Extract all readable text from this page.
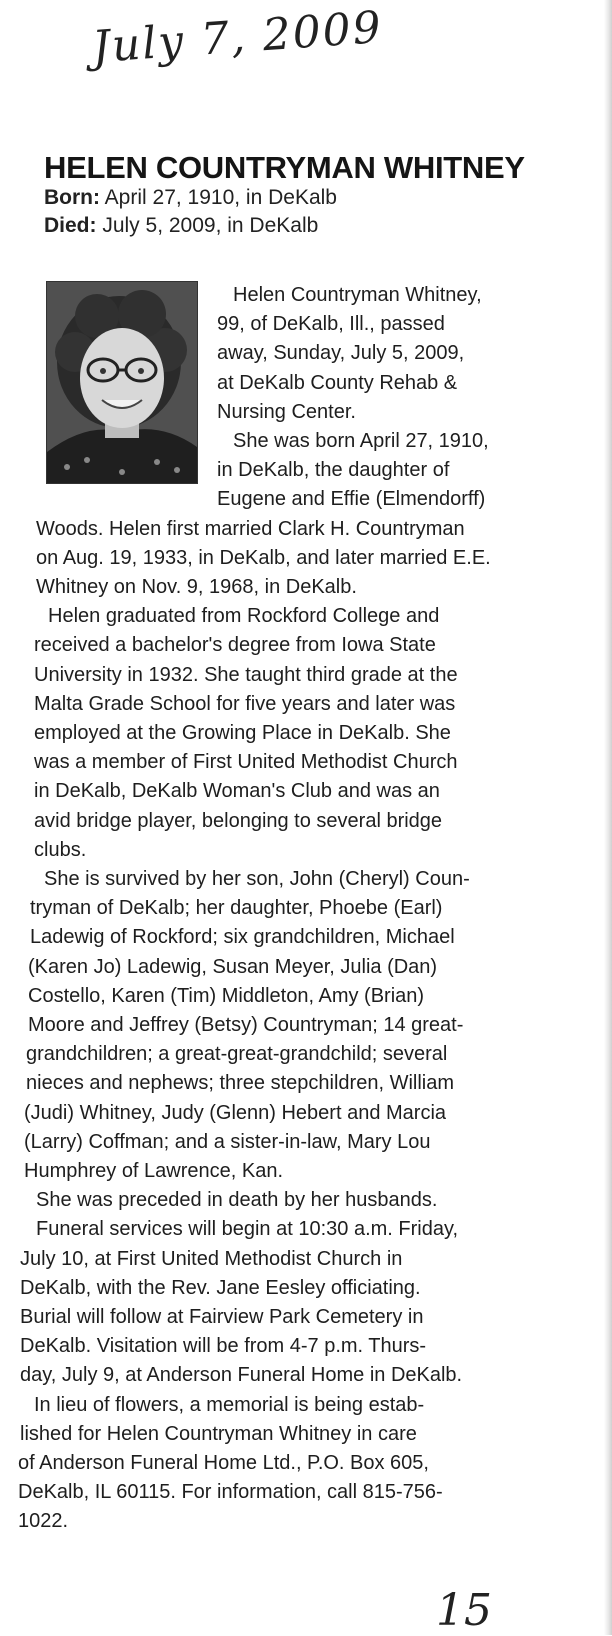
July 7, 2009
HELEN COUNTRYMAN WHITNEY
Born: April 27, 1910, in DeKalb
Died: July 5, 2009, in DeKalb
Helen Countryman Whitney,
99, of DeKalb, Ill., passed
away, Sunday, July 5, 2009,
at DeKalb County Rehab &
Nursing Center.
She was born April 27, 1910,
in DeKalb, the daughter of
Eugene and Effie (Elmendorff)
Woods. Helen first married Clark H. Countryman
on Aug. 19, 1933, in DeKalb, and later married E.E.
Whitney on Nov. 9, 1968, in DeKalb.
Helen graduated from Rockford College and
received a bachelor's degree from Iowa State
University in 1932. She taught third grade at the
Malta Grade School for five years and later was
employed at the Growing Place in DeKalb. She
was a member of First United Methodist Church
in DeKalb, DeKalb Woman's Club and was an
avid bridge player, belonging to several bridge
clubs.
She is survived by her son, John (Cheryl) Coun-
tryman of DeKalb; her daughter, Phoebe (Earl)
Ladewig of Rockford; six grandchildren, Michael
(Karen Jo) Ladewig, Susan Meyer, Julia (Dan)
Costello, Karen (Tim) Middleton, Amy (Brian)
Moore and Jeffrey (Betsy) Countryman; 14 great-
grandchildren; a great-great-grandchild; several
nieces and nephews; three stepchildren, William
(Judi) Whitney, Judy (Glenn) Hebert and Marcia
(Larry) Coffman; and a sister-in-law, Mary Lou
Humphrey of Lawrence, Kan.
She was preceded in death by her husbands.
Funeral services will begin at 10:30 a.m. Friday,
July 10, at First United Methodist Church in
DeKalb, with the Rev. Jane Eesley officiating.
Burial will follow at Fairview Park Cemetery in
DeKalb. Visitation will be from 4-7 p.m. Thurs-
day, July 9, at Anderson Funeral Home in DeKalb.
In lieu of flowers, a memorial is being estab-
lished for Helen Countryman Whitney in care
of Anderson Funeral Home Ltd., P.O. Box 605,
DeKalb, IL 60115. For information, call 815-756-
1022.
15
